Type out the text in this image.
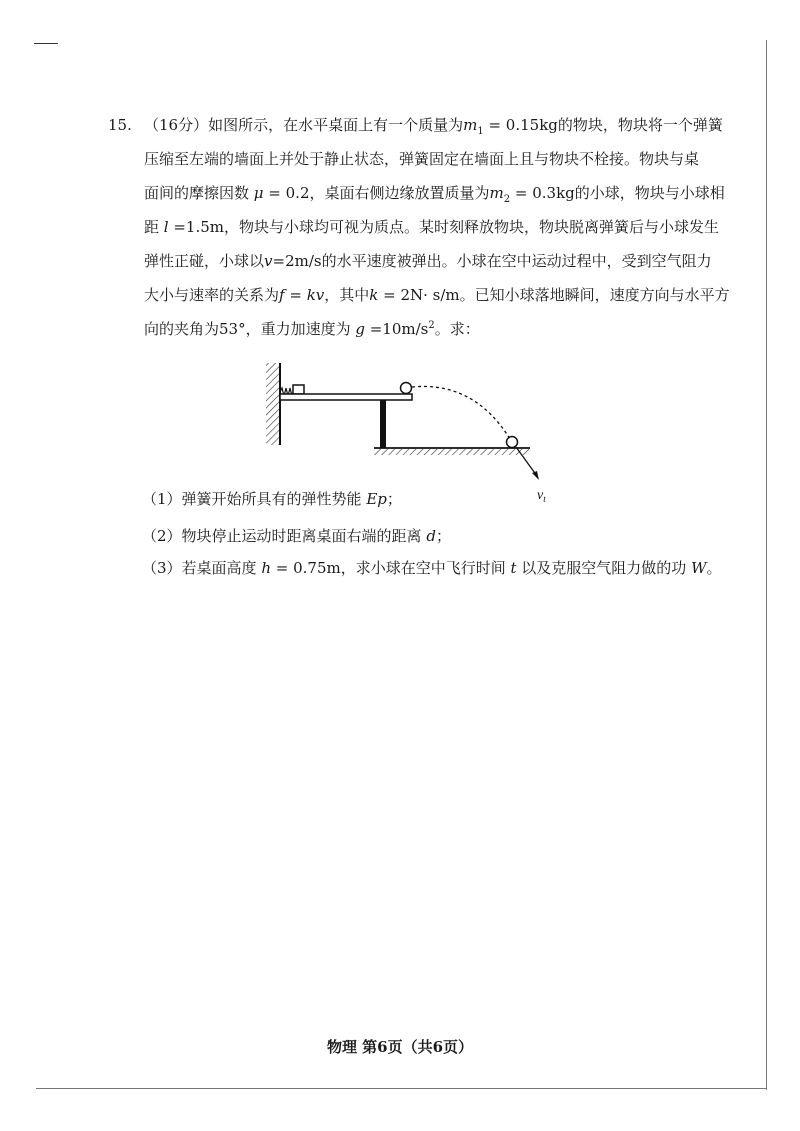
15. （16分）如图所示，在水平桌面上有一个质量为$m_1 = 0.15kg$的物块，物块将一个弹簧
压缩至左端的墙面上并处于静止状态，弹簧固定在墙面上且与物块不栓接。物块与桌
面间的摩擦因数 μ = 0.2，桌面右侧边缘放置质量为$m_2 = 0.3kg$的小球，物块与小球相
距 l =1.5m，物块与小球均可视为质点。某时刻释放物块，物块脱离弹簧后与小球发生
弹性正碰，小球以v=2m/s的水平速度被弹出。小球在空中运动过程中，受到空气阻力
大小与速率的关系为f = kv，其中k = 2N· s/m。已知小球落地瞬间，速度方向与水平方
向的夹角为53°，重力加速度为 $g =10m/s^2$。求：
$v_t$
（1）弹簧开始所具有的弹性势能 Ep；
（2）物块停止运动时距离桌面右端的距离 d；
（3）若桌面高度 h = 0.75m，求小球在空中飞行时间 t 以及克服空气阻力做的功 W。
物理 第6页（共6页）
